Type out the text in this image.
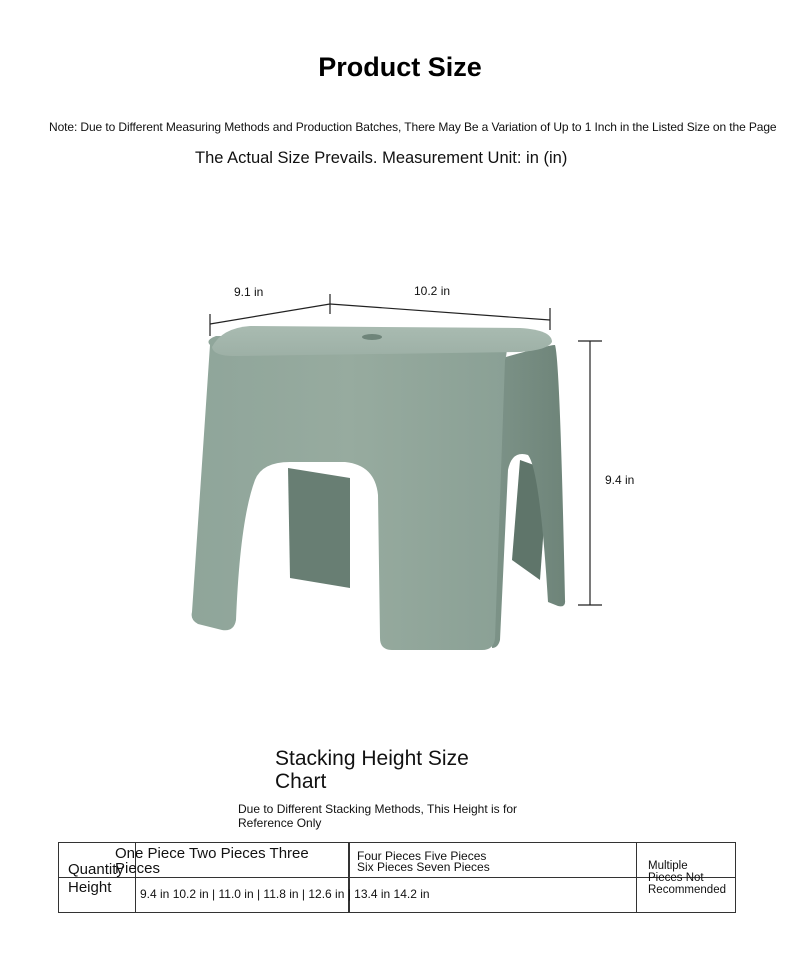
Product Size
Note: Due to Different Measuring Methods and Production Batches, There May Be a Variation of Up to 1 Inch in the Listed Size on the Page
The Actual Size Prevails. Measurement Unit: in (in)
9.1 in	10.2 in
9.4 in
Stacking Height Size Chart
Due to Different Stacking Methods, This Height is for Reference Only
Quantity
Height
One Piece Two Pieces Three Pieces
Four Pieces Five Pieces
Six Pieces Seven Pieces	Multiple
Pieces Not
Recommended
9.4 in 10.2 in | 11.0 in | 11.8 in | 12.6 in | 13.4 in 14.2 in
